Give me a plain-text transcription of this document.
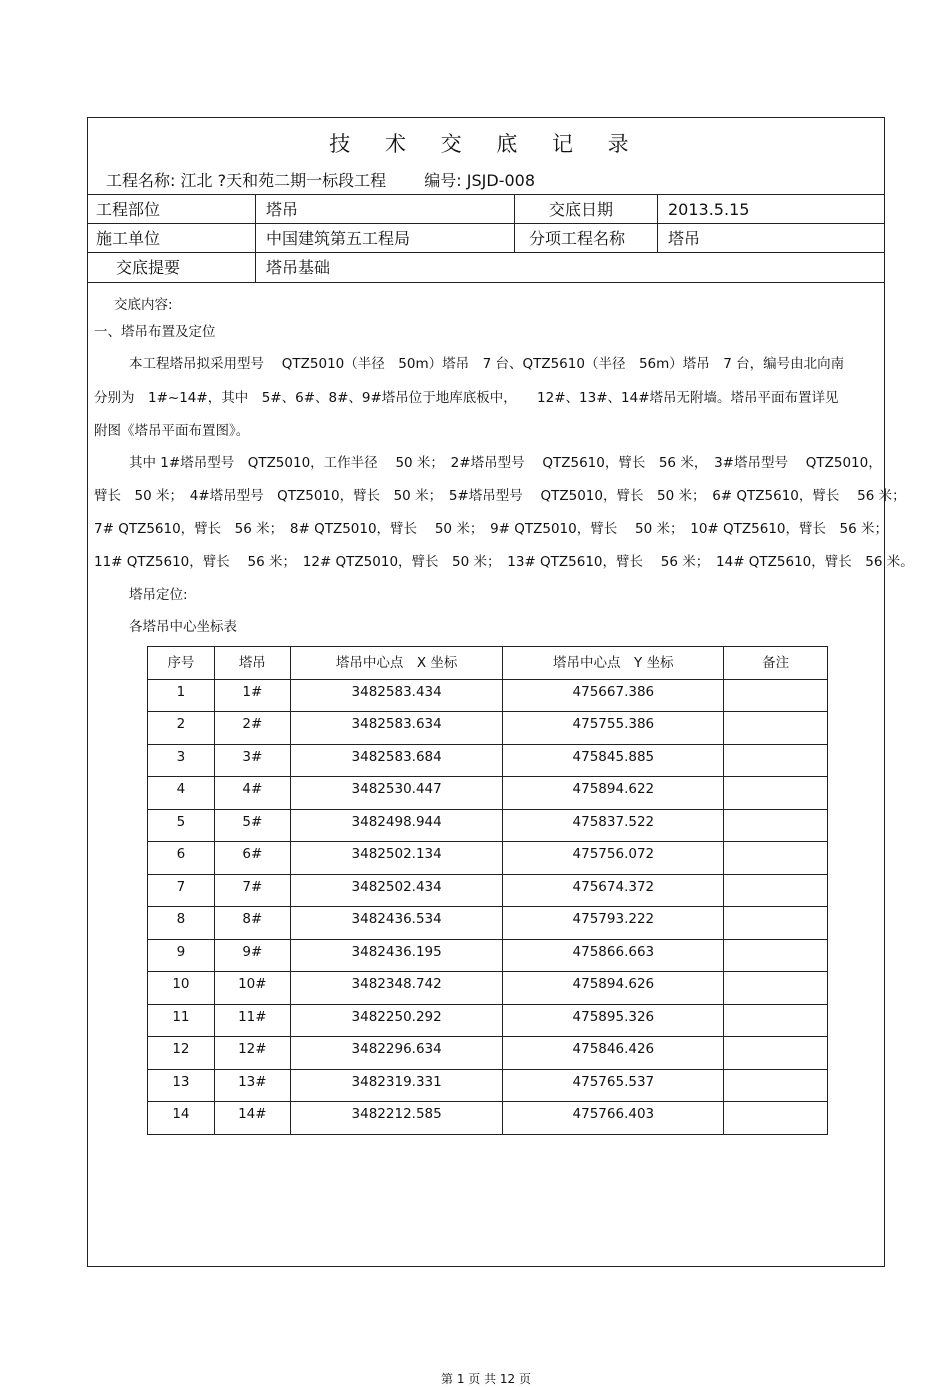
技 术 交 底 记 录
工程名称: 江北 ?天和苑二期一标段工程 编号: JSJD-008
工程部位	塔吊	交底日期	2013.5.15
施工单位	中国建筑第五工程局	分项工程名称	塔吊
交底提要	塔吊基础
交底内容:
一、塔吊布置及定位
本工程塔吊拟采用型号　 QTZ5010（半径　50m）塔吊　7 台、QTZ5610（半径　56m）塔吊　7 台，编号由北向南
分别为　1#~14#，其中　5#、6#、8#、9#塔吊位于地库底板中，　　12#、13#、14#塔吊无附墙。塔吊平面布置详见
附图《塔吊平面布置图》。
其中 1#塔吊型号　QTZ5010，工作半径　 50 米；　2#塔吊型号　 QTZ5610，臂长　56 米，　3#塔吊型号　 QTZ5010，
臂长　50 米；　4#塔吊型号　QTZ5010，臂长　50 米；　5#塔吊型号　 QTZ5010，臂长　50 米；　6# QTZ5610，臂长　 56 米；
7# QTZ5610，臂长　56 米；　8# QTZ5010，臂长　 50 米；　9# QTZ5010，臂长　 50 米；　10# QTZ5610，臂长　56 米；
11# QTZ5610，臂长　 56 米；　12# QTZ5010，臂长　50 米；　13# QTZ5610，臂长　 56 米；　14# QTZ5610，臂长　56 米。
塔吊定位:
各塔吊中心坐标表
序号	塔吊	塔吊中心点　X 坐标	塔吊中心点　Y 坐标	备注
1	1#	3482583.434	475667.386	
2	2#	3482583.634	475755.386	
3	3#	3482583.684	475845.885	
4	4#	3482530.447	475894.622	
5	5#	3482498.944	475837.522	
6	6#	3482502.134	475756.072	
7	7#	3482502.434	475674.372	
8	8#	3482436.534	475793.222	
9	9#	3482436.195	475866.663	
10	10#	3482348.742	475894.626	
11	11#	3482250.292	475895.326	
12	12#	3482296.634	475846.426	
13	13#	3482319.331	475765.537	
14	14#	3482212.585	475766.403	
第 1 页 共 12 页
